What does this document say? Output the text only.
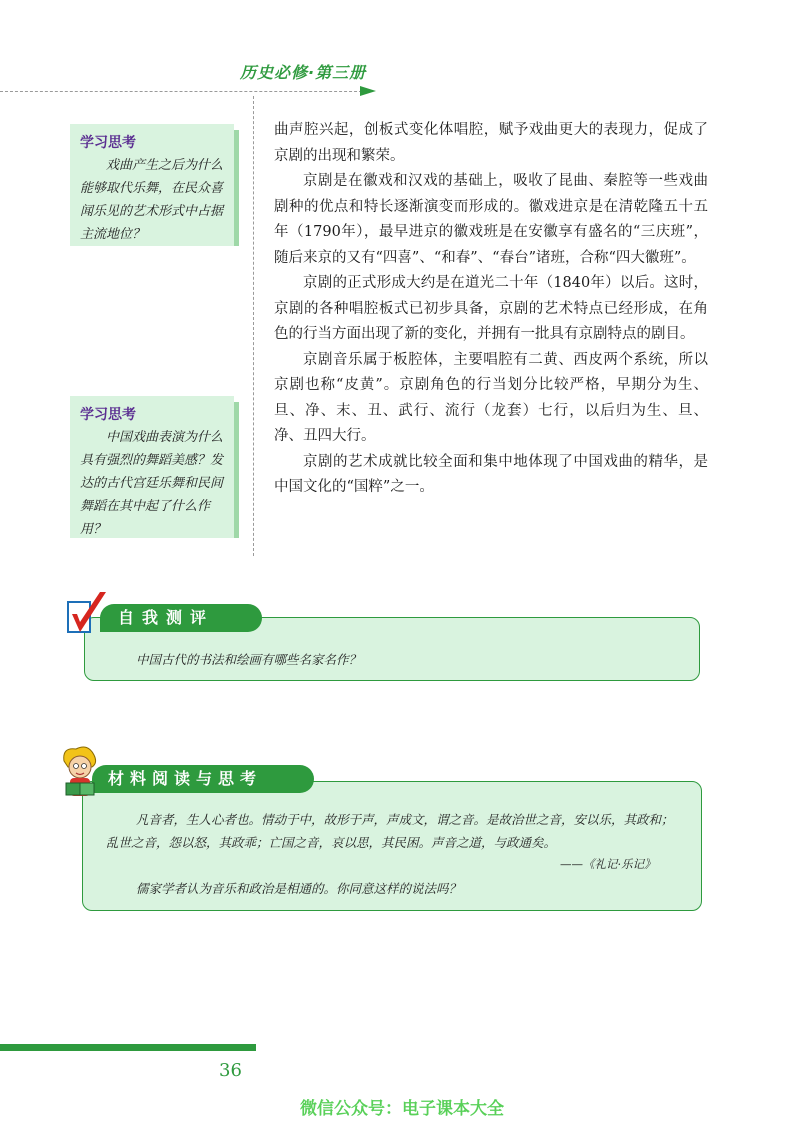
历史必修·第三册
学习思考
戏曲产生之后为什么能够取代乐舞，在民众喜闻乐见的艺术形式中占据主流地位？
学习思考
中国戏曲表演为什么具有强烈的舞蹈美感？发达的古代宫廷乐舞和民间舞蹈在其中起了什么作用？

曲声腔兴起，创板式变化体唱腔，赋予戏曲更大的表现力，促成了京剧的出现和繁荣。

京剧是在徽戏和汉戏的基础上，吸收了昆曲、秦腔等一些戏曲剧种的优点和特长逐渐演变而形成的。徽戏进京是在清乾隆五十五年（1790年），最早进京的徽戏班是在安徽享有盛名的“三庆班”，随后来京的又有“四喜”、“和春”、“春台”诸班，合称“四大徽班”。

京剧的正式形成大约是在道光二十年（1840年）以后。这时，京剧的各种唱腔板式已初步具备，京剧的艺术特点已经形成，在角色的行当方面出现了新的变化，并拥有一批具有京剧特点的剧目。

京剧音乐属于板腔体，主要唱腔有二黄、西皮两个系统，所以京剧也称“皮黄”。京剧角色的行当划分比较严格，早期分为生、旦、净、末、丑、武行、流行（龙套）七行，以后归为生、旦、净、丑四大行。

京剧的艺术成就比较全面和集中地体现了中国戏曲的精华，是中国文化的“国粹”之一。

自我测评
中国古代的书法和绘画有哪些名家名作？
材料阅读与思考

凡音者，生人心者也。情动于中，故形于声，声成文，谓之音。是故治世之音，安以乐，其政和；乱世之音，怨以怒，其政乖；亡国之音，哀以思，其民困。声音之道，与政通矣。

——《礼记·乐记》
儒家学者认为音乐和政治是相通的。你同意这样的说法吗？
36
微信公众号：电子课本大全
